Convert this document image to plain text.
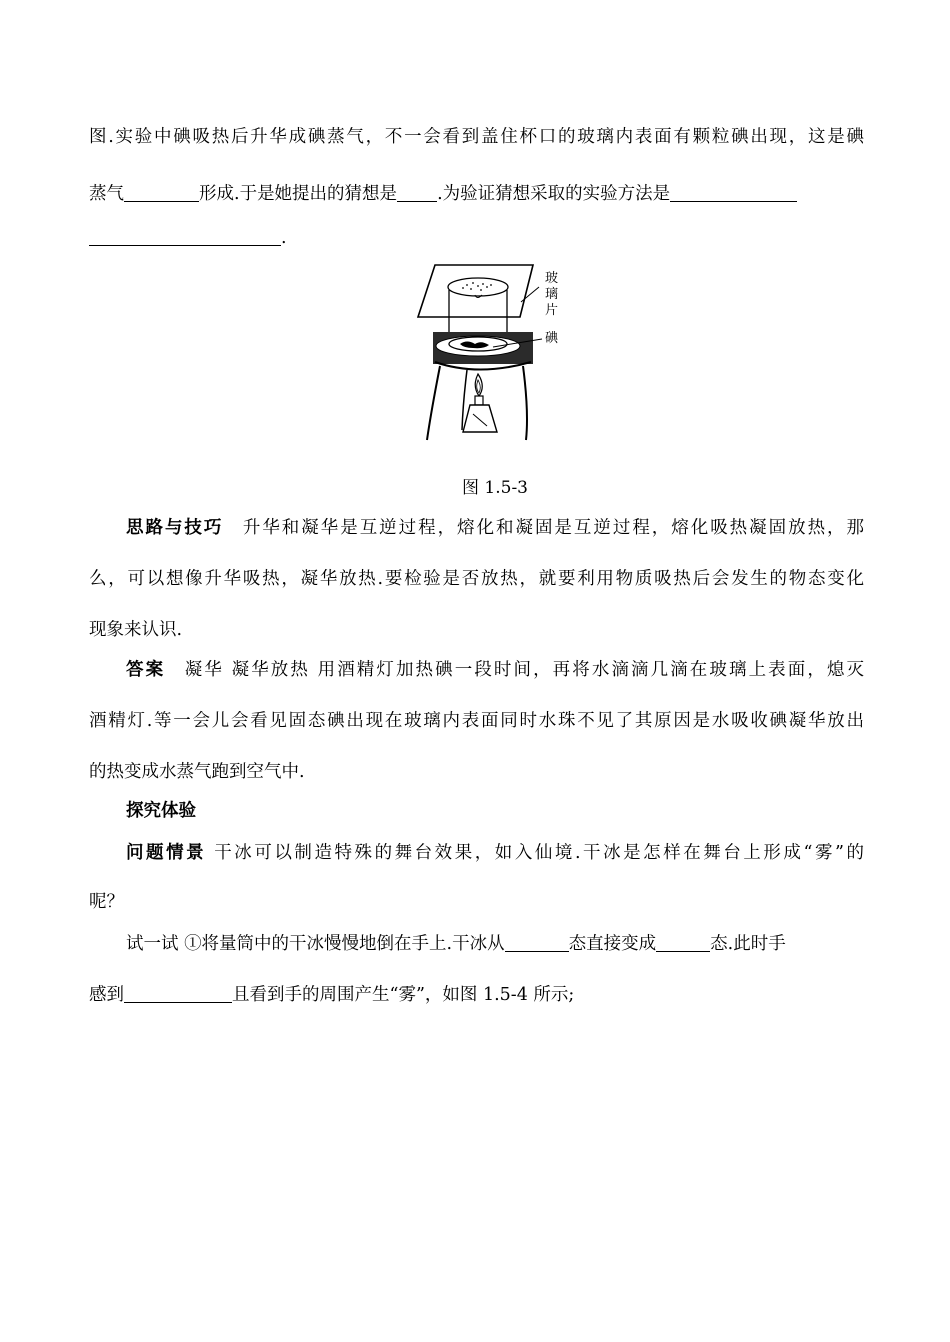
图.实验中碘吸热后升华成碘蒸气，不一会看到盖住杯口的玻璃内表面有颗粒碘出现，这是碘
蒸气	形成.于是她提出的猜想是 .为验证猜想采取的实验方法是
.
玻
璃
片
碘
图 1.5-3
思路与技巧　 升华和凝华是互逆过程，熔化和凝固是互逆过程，熔化吸热凝固放热，那
么，可以想像升华吸热，凝华放热.要检验是否放热，就要利用物质吸热后会发生的物态变化
现象来认识.
答案　 凝华 凝华放热 用酒精灯加热碘一段时间，再将水滴滴几滴在玻璃上表面，熄灭
酒精灯.等一会儿会看见固态碘出现在玻璃内表面同时水珠不见了其原因是水吸收碘凝华放出
的热变成水蒸气跑到空气中.
探究体验
问题情景 干冰可以制造特殊的舞台效果，如入仙境.干冰是怎样在舞台上形成“雾”的
呢？
试一试 ①将量筒中的干冰慢慢地倒在手上.干冰从	态直接变成	态.此时手
感到	且看到手的周围产生“雾”，如图 1.5-4 所示;
